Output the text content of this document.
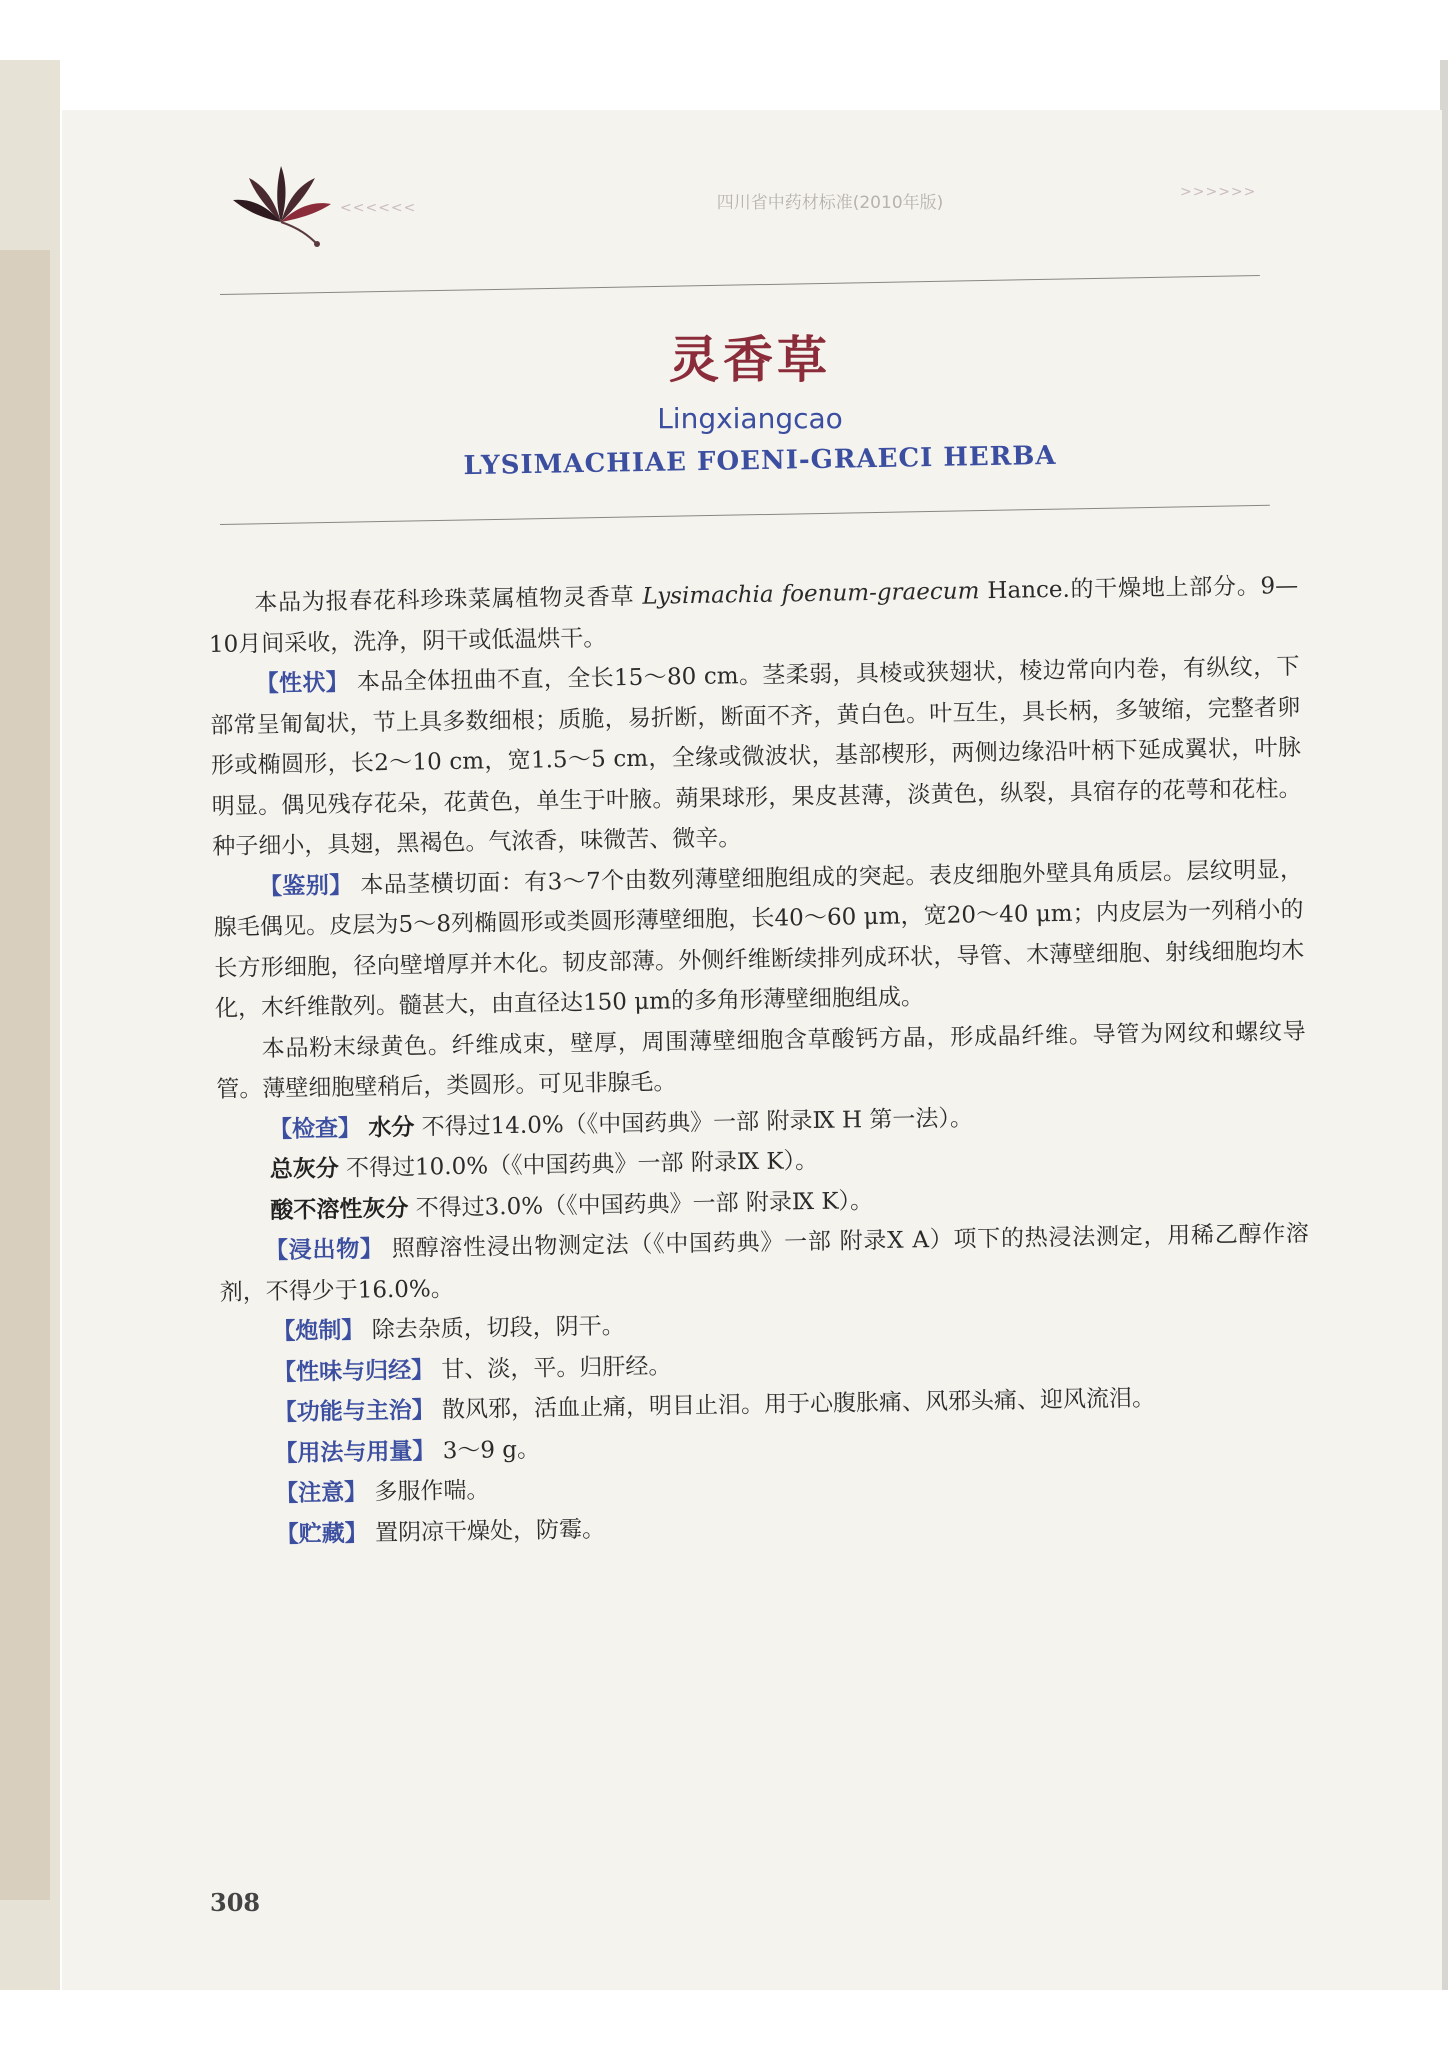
<<<<<<	四川省中药材标准(2010年版)
>>>>>>
灵香草
Lingxiangcao
LYSIMACHIAE FOENI-GRAECI HERBA

本品为报春花科珍珠菜属植物灵香草 Lysimachia foenum-graecum Hance.的干燥地上部分。9—10月间采收，洗净，阴干或低温烘干。

【性状】 本品全体扭曲不直，全长15～80 cm。茎柔弱，具棱或狭翅状，棱边常向内卷，有纵纹，下部常呈匍匐状，节上具多数细根；质脆，易折断，断面不齐，黄白色。叶互生，具长柄，多皱缩，完整者卵形或椭圆形，长2～10 cm，宽1.5～5 cm，全缘或微波状，基部楔形，两侧边缘沿叶柄下延成翼状，叶脉明显。偶见残存花朵，花黄色，单生于叶腋。蒴果球形，果皮甚薄，淡黄色，纵裂，具宿存的花萼和花柱。种子细小，具翅，黑褐色。气浓香，味微苦、微辛。

【鉴别】 本品茎横切面：有3～7个由数列薄壁细胞组成的突起。表皮细胞外壁具角质层。层纹明显，腺毛偶见。皮层为5～8列椭圆形或类圆形薄壁细胞，长40～60 μm，宽20～40 μm；内皮层为一列稍小的长方形细胞，径向壁增厚并木化。韧皮部薄。外侧纤维断续排列成环状，导管、木薄壁细胞、射线细胞均木化，木纤维散列。髓甚大，由直径达150 μm的多角形薄壁细胞组成。

本品粉末绿黄色。纤维成束，壁厚，周围薄壁细胞含草酸钙方晶，形成晶纤维。导管为网纹和螺纹导管。薄壁细胞壁稍后，类圆形。可见非腺毛。

【检查】 水分 不得过14.0%（《中国药典》一部 附录Ⅸ H 第一法）。

总灰分 不得过10.0%（《中国药典》一部 附录Ⅸ K）。

酸不溶性灰分 不得过3.0%（《中国药典》一部 附录Ⅸ K）。

【浸出物】 照醇溶性浸出物测定法（《中国药典》一部 附录Ⅹ A）项下的热浸法测定，用稀乙醇作溶剂，不得少于16.0%。

【炮制】 除去杂质，切段，阴干。

【性味与归经】 甘、淡，平。归肝经。

【功能与主治】 散风邪，活血止痛，明目止泪。用于心腹胀痛、风邪头痛、迎风流泪。

【用法与用量】 3～9 g。

【注意】 多服作喘。

【贮藏】 置阴凉干燥处，防霉。

308
